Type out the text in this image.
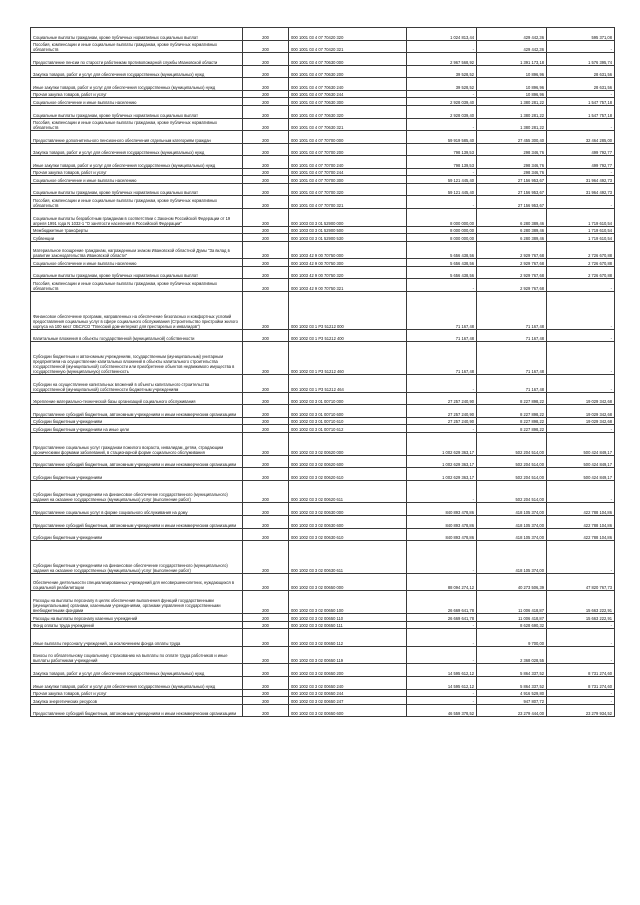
Социальные выплаты гражданам, кроме публичных нормативных социальных выплат	200	000 1001 03 4 07 70420 320	1 024 813,44	429 442,36	595 371,08
Пособия, компенсации и иные социальные выплаты гражданам, кроме публичных нормативных обязательств	200	000 1001 03 4 07 70420 321	-	429 442,36	-
Предоставление пенсии по старости работникам противопожарной службы Ивановской области	200	000 1001 03 4 07 70630 000	2 967 568,92	1 391 173,18	1 576 395,74
Закупка товаров, работ и услуг для обеспечения государственных (муниципальных) нужд	200	000 1001 03 4 07 70630 200	39 528,52	10 896,96	28 631,56
Иные закупки товаров, работ и услуг для обеспечения государственных (муниципальных) нужд	200	000 1001 03 4 07 70630 240	39 528,52	10 896,96	28 631,56
Прочая закупка товаров, работ и услуг	200	000 1001 03 4 07 70630 244	-	10 896,96	-
Социальное обеспечение и иные выплаты населению	200	000 1001 03 4 07 70630 300	2 928 039,40	1 380 281,22	1 547 757,18
Социальные выплаты гражданам, кроме публичных нормативных социальных выплат	200	000 1001 03 4 07 70630 320	2 928 039,40	1 380 281,22	1 547 757,18
Пособия, компенсации и иные социальные выплаты гражданам, кроме публичных нормативных обязательств	200	000 1001 03 4 07 70630 321	-	1 380 281,22	-
Предоставление дополнительного пенсионного обеспечения отдельным категориям граждан	200	000 1001 03 4 07 70700 000	59 919 585,40	27 455 300,40	32 464 285,00
Закупка товаров, работ и услуг для обеспечения государственных (муниципальных) нужд	200	000 1001 03 4 07 70700 200	798 139,53	298 346,76	499 792,77
Иные закупки товаров, работ и услуг для обеспечения государственных (муниципальных) нужд	200	000 1001 03 4 07 70700 240	798 139,53	298 346,76	499 792,77
Прочая закупка товаров, работ и услуг	200	000 1001 03 4 07 70700 244	-	298 346,76	-
Социальное обеспечение и иные выплаты населению	200	000 1001 03 4 07 70700 300	59 121 445,40	27 156 953,67	31 964 492,73
Социальные выплаты гражданам, кроме публичных нормативных социальных выплат	200	000 1001 03 4 07 70700 320	59 121 445,40	27 156 953,67	31 964 492,73
Пособия, компенсации и иные социальные выплаты гражданам, кроме публичных нормативных обязательств	200	000 1001 03 4 07 70700 321	-	27 156 953,67	-
Социальные выплаты безработным гражданам в соответствии с Законом Российской Федерации от 19 апреля 1991 года N 1032-1 "О занятости населения в Российской Федерации"	200	000 1003 03 3 01 52900 000	8 000 000,00	6 280 389,46	1 719 610,54
Межбюджетные трансферты	200	000 1003 03 3 01 52900 500	8 000 000,00	6 280 389,46	1 719 610,54
Субвенции	200	000 1003 03 3 01 52900 530	8 000 000,00	6 280 389,46	1 719 610,54
Материальное поощрение гражданам, награжденным знаком Ивановской областной Думы "За вклад в развитие законодательства Ивановской области"	200	000 1003 42 9 00 70750 000	5 656 438,56	2 929 767,68	2 726 670,88
Социальное обеспечение и иные выплаты населению	200	000 1003 42 9 00 70750 300	5 656 438,56	2 929 767,68	2 726 670,88
Социальные выплаты гражданам, кроме публичных нормативных социальных выплат	200	000 1003 42 9 00 70750 320	5 656 438,56	2 929 767,68	2 726 670,88
Пособия, компенсации и иные социальные выплаты гражданам, кроме публичных нормативных обязательств	200	000 1003 42 9 00 70750 321	-	2 929 767,68	-
Финансовое обеспечение программ, направленных на обеспечение безопасных и комфортных условий предоставления социальных услуг в сфере социального обслуживания (Строительство пристройки жилого корпуса на 100 мест ОБСУСО "Плесский дом-интернат для престарелых и инвалидов")	200	000 1002 03 1 Р3 51212 000	71 167,48	71 167,48	-
Капитальные вложения в объекты государственной (муниципальной) собственности	200	000 1002 03 1 Р3 51212 400	71 167,48	71 167,48	-
Субсидии бюджетным и автономным учреждениям, государственным (муниципальным) унитарным предприятиям на осуществление капитальных вложений в объекты капитального строительства государственной (муниципальной) собственности или приобретение объектов недвижимого имущества в государственную (муниципальную) собственность	200	000 1002 03 1 Р3 51212 460	71 167,48	71 167,48	-
Субсидии на осуществление капитальных вложений в объекты капитального строительства государственной (муниципальной) собственности бюджетным учреждениям	200	000 1002 03 1 Р3 51212 464	-	71 167,48	-
Укрепление материально-технической базы организаций социального обслуживания	200	000 1002 03 3 01 00710 000	27 257 240,90	8 227 898,22	19 029 342,68
Предоставление субсидий бюджетным, автономным учреждениям и иным некоммерческим организациям	200	000 1002 03 3 01 00710 600	27 257 240,90	8 227 898,22	19 029 342,68
Субсидии бюджетным учреждениям	200	000 1002 03 3 01 00710 610	27 257 240,90	8 227 898,22	19 029 342,68
Субсидии бюджетным учреждениям на иные цели	200	000 1002 03 3 01 00710 612	-	8 227 898,22	-
Предоставление социальных услуг гражданам пожилого возраста, инвалидам, детям, страдающим хроническими формами заболеваний, в стационарной форме социального обслуживания	200	000 1002 03 3 02 00620 000	1 002 629 363,17	502 204 514,00	500 424 849,17
Предоставление субсидий бюджетным, автономным учреждениям и иным некоммерческим организациям	200	000 1002 03 3 02 00620 600	1 002 629 363,17	502 204 514,00	500 424 849,17
Субсидии бюджетным учреждениям	200	000 1002 03 3 02 00620 610	1 002 629 363,17	502 204 514,00	500 424 849,17
Субсидии бюджетным учреждениям на финансовое обеспечение государственного (муниципального) задания на оказание государственных (муниципальных) услуг (выполнение работ)	200	000 1002 03 3 02 00620 611	-	502 204 514,00	-
Предоставление социальных услуг в форме социального обслуживания на дому	200	000 1002 03 3 02 00630 000	840 893 478,86	418 105 374,00	422 788 104,86
Предоставление субсидий бюджетным, автономным учреждениям и иным некоммерческим организациям	200	000 1002 03 3 02 00630 600	840 893 478,86	418 105 374,00	422 788 104,86
Субсидии бюджетным учреждениям	200	000 1002 03 3 02 00630 610	840 893 478,86	418 105 374,00	422 788 104,86
Субсидии бюджетным учреждениям на финансовое обеспечение государственного (муниципального) задания на оказание государственных (муниципальных) услуг (выполнение работ)	200	000 1002 03 3 02 00630 611	-	418 105 374,00	-
Обеспечение деятельности специализированных учреждений для несовершеннолетних, нуждающихся в социальной реабилитации	200	000 1002 03 3 02 00650 000	88 094 274,12	40 273 506,39	47 820 767,73
Расходы на выплаты персоналу в целях обеспечения выполнения функций государственными (муниципальными) органами, казенными учреждениями, органами управления государственными внебюджетными фондами	200	000 1002 03 3 02 00650 100	26 669 641,78	11 006 418,87	15 663 222,91
Расходы на выплаты персоналу казенных учреждений	200	000 1002 03 3 02 00650 110	26 669 641,78	11 006 418,87	15 663 222,91
Фонд оплаты труда учреждений	200	000 1002 03 3 02 00650 111	-	8 628 690,32	-
Иные выплаты персоналу учреждений, за исключением фонда оплаты труда	200	000 1002 03 3 02 00650 112	-	9 700,00	-
Взносы по обязательному социальному страхованию на выплаты по оплате труда работников и иные выплаты работникам учреждений	200	000 1002 03 3 02 00650 119	-	2 368 028,55	-
Закупка товаров, работ и услуг для обеспечения государственных (муниципальных) нужд	200	000 1002 03 3 02 00650 200	14 595 612,12	5 864 337,52	8 731 274,60
Иные закупки товаров, работ и услуг для обеспечения государственных (муниципальных) нужд	200	000 1002 03 3 02 00650 240	14 595 612,12	5 864 337,52	8 731 274,60
Прочая закупка товаров, работ и услуг	200	000 1002 03 3 02 00650 244	-	4 916 529,80	-
Закупка энергетических ресурсов	200	000 1002 03 3 02 00650 247	-	947 807,72	-
Предоставление субсидий бюджетным, автономным учреждениям и иным некоммерческим организациям	200	000 1002 03 3 02 00650 600	46 559 378,52	23 279 444,00	23 279 934,52
